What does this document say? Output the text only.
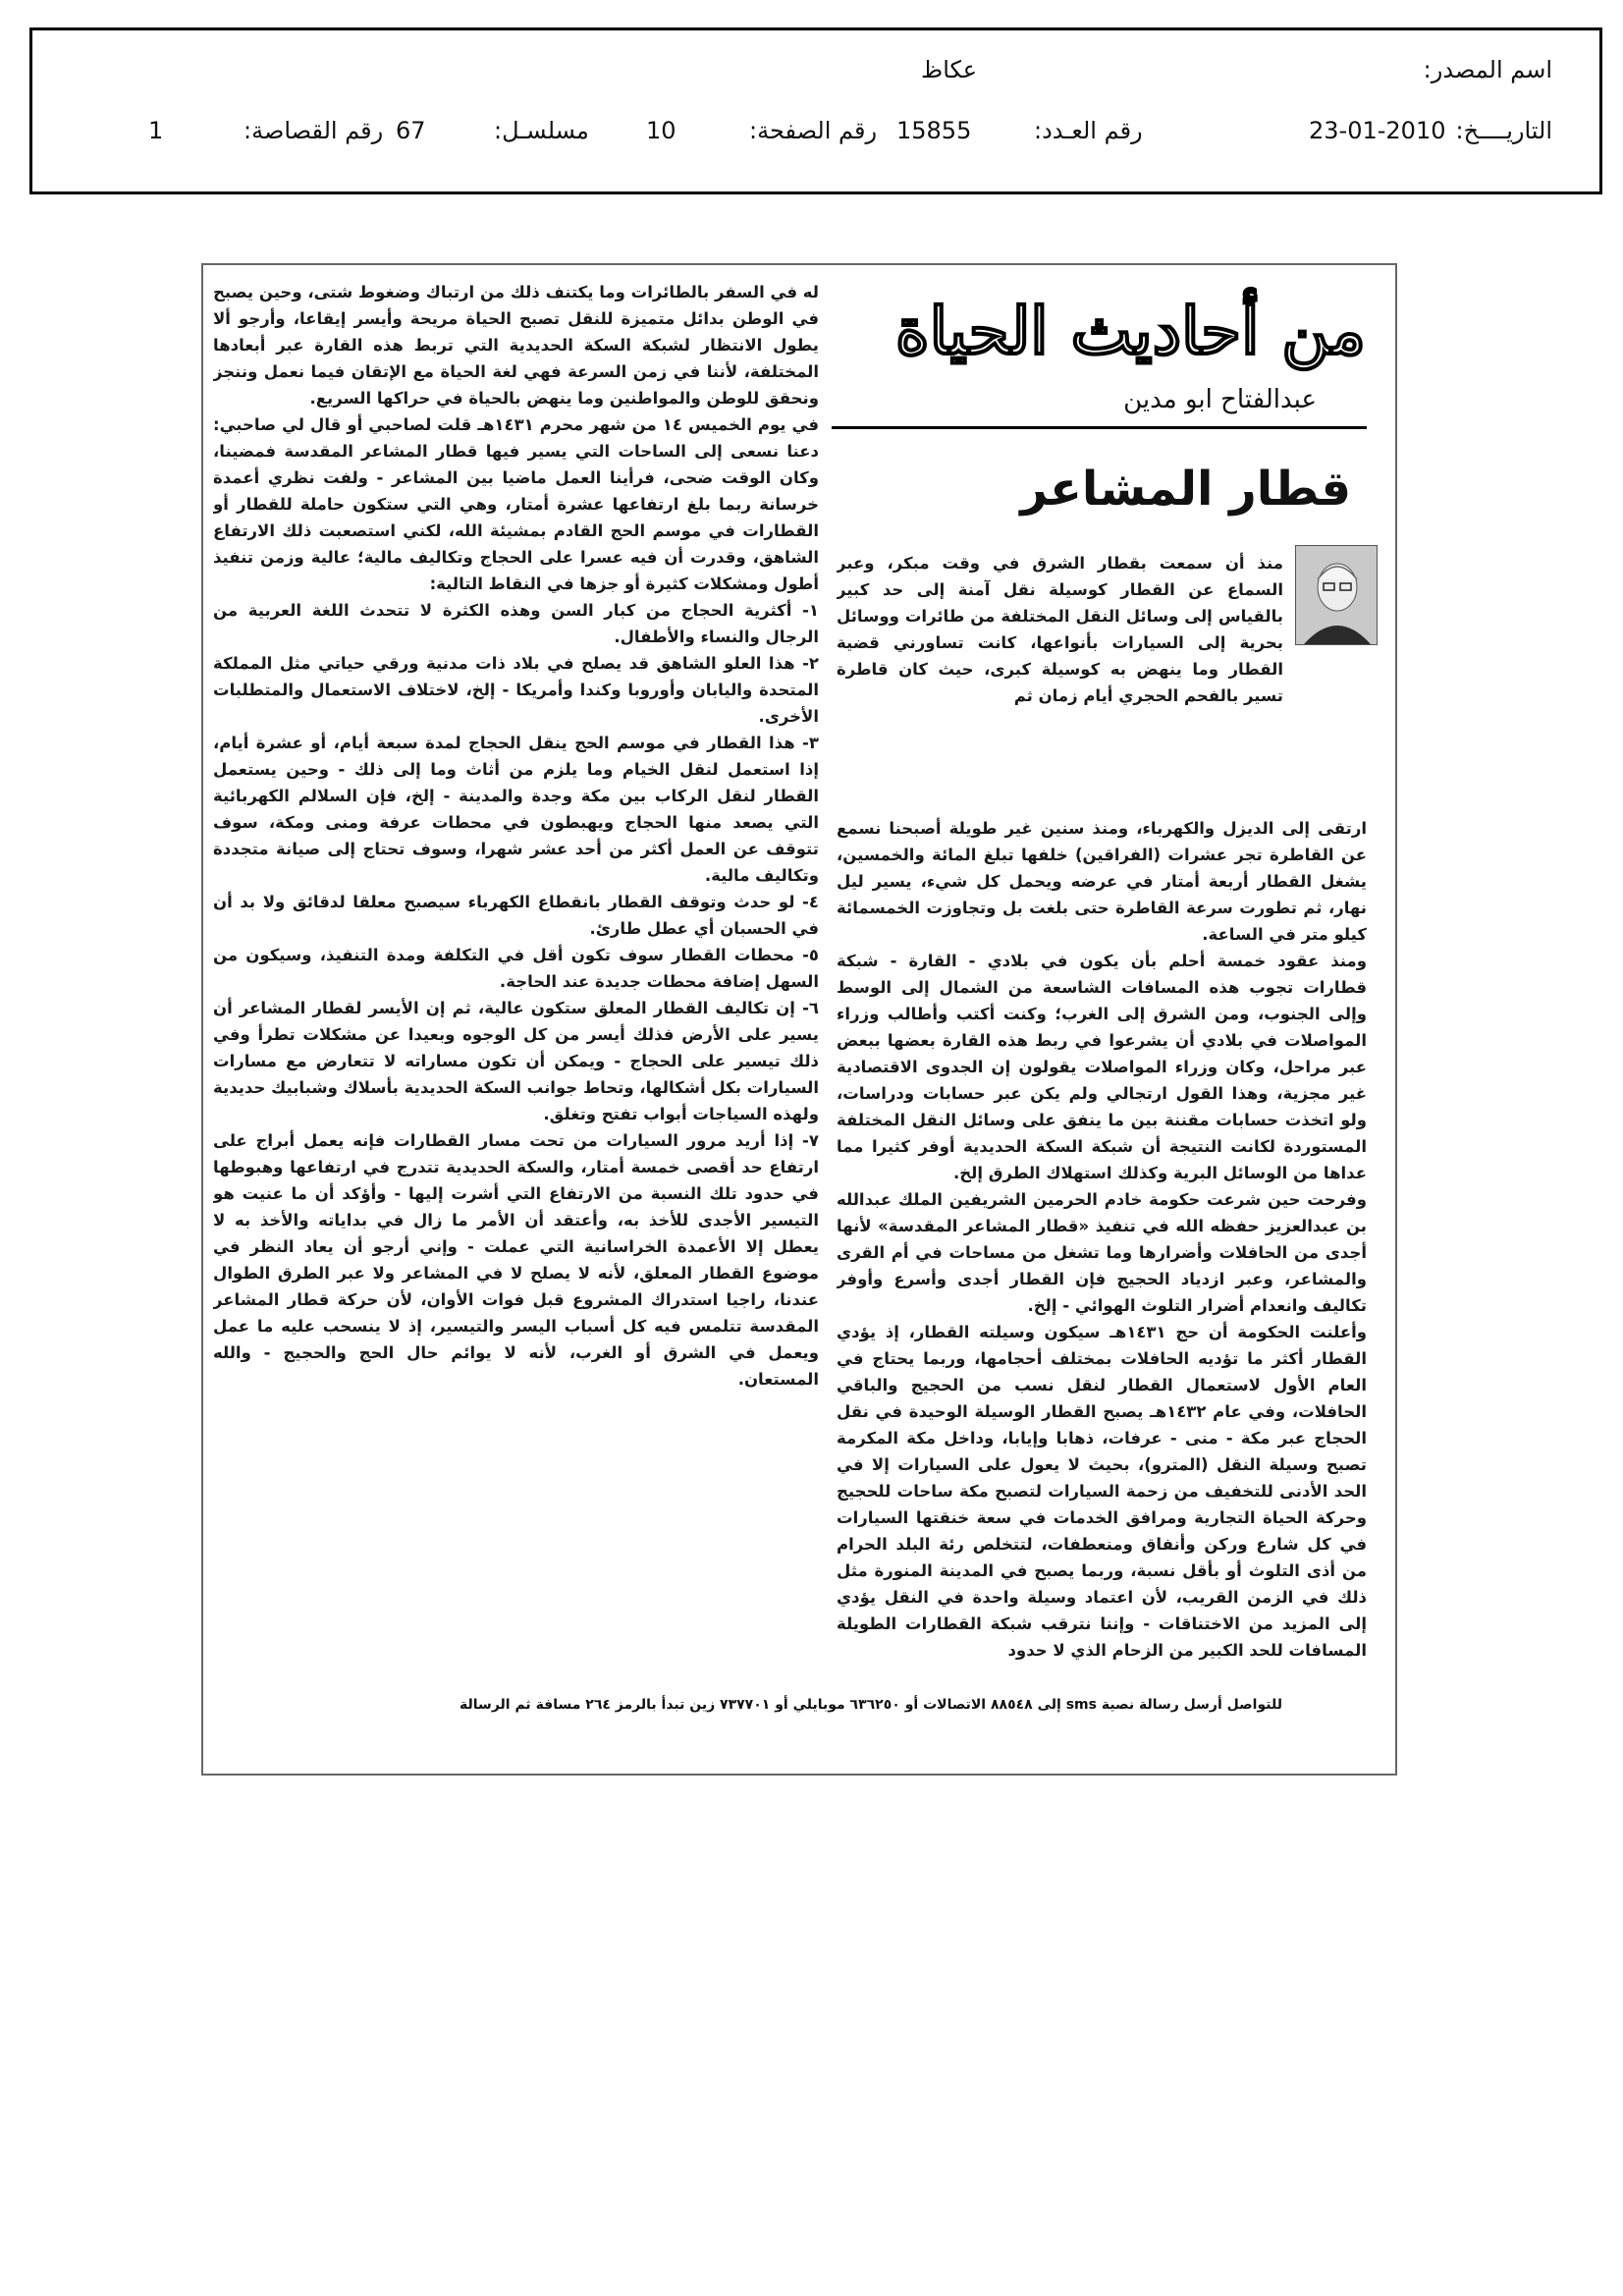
اسم المصدر:
عكاظ
التاريــــخ:
23-01-2010
رقم العـدد:
15855
رقم الصفحة:
10
مسلسـل:
67
رقم القصاصة:
1
من أحاديث الحياة
عبدالفتاح ابو مدين
قطار المشاعر

منذ أن سمعت بقطار الشرق في وقت مبكر، وعبر السماع عن القطار كوسيلة نقل آمنة إلى حد كبير بالقياس إلى وسائل النقل المختلفة من طائرات ووسائل بحرية إلى السيارات بأنواعها، كانت تساورني قضية القطار وما ينهض به كوسيلة كبرى، حيث كان قاطرة تسير بالفحم الحجري أيام زمان ثم

ارتقى إلى الديزل والكهرباء، ومنذ سنين غير طويلة أصبحنا نسمع عن القاطرة تجر عشرات (الفراقين) خلفها تبلغ المائة والخمسين، يشغل القطار أربعة أمتار في عرضه ويحمل كل شيء، يسير ليل نهار، ثم تطورت سرعة القاطرة حتى بلغت بل وتجاوزت الخمسمائة كيلو متر في الساعة.

ومنذ عقود خمسة أحلم بأن يكون في بلادي - القارة - شبكة قطارات تجوب هذه المسافات الشاسعة من الشمال إلى الوسط وإلى الجنوب، ومن الشرق إلى الغرب؛ وكنت أكتب وأطالب وزراء المواصلات في بلادي أن يشرعوا في ربط هذه القارة بعضها ببعض عبر مراحل، وكان وزراء المواصلات يقولون إن الجدوى الاقتصادية غير مجزية، وهذا القول ارتجالي ولم يكن عبر حسابات ودراسات، ولو اتخذت حسابات مقننة بين ما ينفق على وسائل النقل المختلفة المستوردة لكانت النتيجة أن شبكة السكة الحديدية أوفر كثيرا مما عداها من الوسائل البرية وكذلك استهلاك الطرق إلخ.

وفرحت حين شرعت حكومة خادم الحرمين الشريفين الملك عبدالله بن عبدالعزيز حفظه الله في تنفيذ «قطار المشاعر المقدسة» لأنها أجدى من الحافلات وأضرارها وما تشغل من مساحات في أم القرى والمشاعر، وعبر ازدياد الحجيج فإن القطار أجدى وأسرع وأوفر تكاليف وانعدام أضرار التلوث الهوائي - إلخ.

وأعلنت الحكومة أن حج ١٤٣١هـ سيكون وسيلته القطار، إذ يؤدي القطار أكثر ما تؤديه الحافلات بمختلف أحجامها، وربما يحتاج في العام الأول لاستعمال القطار لنقل نسب من الحجيج والباقي الحافلات، وفي عام ١٤٣٢هـ يصبح القطار الوسيلة الوحيدة في نقل الحجاج عبر مكة - منى - عرفات، ذهابا وإيابا، وداخل مكة المكرمة تصبح وسيلة النقل (المترو)، بحيث لا يعول على السيارات إلا في الحد الأدنى للتخفيف من زحمة السيارات لتصبح مكة ساحات للحجيج وحركة الحياة التجارية ومرافق الخدمات في سعة خنقتها السيارات في كل شارع وركن وأنفاق ومنعطفات، لتتخلص رئة البلد الحرام من أذى التلوث أو بأقل نسبة، وربما يصبح في المدينة المنورة مثل ذلك في الزمن القريب، لأن اعتماد وسيلة واحدة في النقل يؤدي إلى المزيد من الاختناقات - وإننا نترقب شبكة القطارات الطويلة المسافات للحد الكبير من الزحام الذي لا حدود

له في السفر بالطائرات وما يكتنف ذلك من ارتباك وضغوط شتى، وحين يصبح في الوطن بدائل متميزة للنقل تصبح الحياة مريحة وأيسر إيقاعا، وأرجو ألا يطول الانتظار لشبكة السكة الحديدية التي تربط هذه القارة عبر أبعادها المختلفة، لأننا في زمن السرعة فهي لغة الحياة مع الإتقان فيما نعمل وننجز ونحقق للوطن والمواطنين وما ينهض بالحياة في حراكها السريع.

في يوم الخميس ١٤ من شهر محرم ١٤٣١هـ قلت لصاحبي أو قال لي صاحبي: دعنا نسعى إلى الساحات التي يسير فيها قطار المشاعر المقدسة فمضينا، وكان الوقت ضحى، فرأينا العمل ماضيا بين المشاعر - ولفت نظري أعمدة خرسانة ربما بلغ ارتفاعها عشرة أمتار، وهي التي ستكون حاملة للقطار أو القطارات في موسم الحج القادم بمشيئة الله، لكني استصعبت ذلك الارتفاع الشاهق، وقدرت أن فيه عسرا على الحجاج وتكاليف مالية؛ عالية وزمن تنفيذ أطول ومشكلات كثيرة أو جزها في النقاط التالية:

١- أكثرية الحجاج من كبار السن وهذه الكثرة لا تتحدث اللغة العربية من الرجال والنساء والأطفال.

٢- هذا العلو الشاهق قد يصلح في بلاد ذات مدنية ورقي حياتي مثل المملكة المتحدة واليابان وأوروبا وكندا وأمريكا - إلخ، لاختلاف الاستعمال والمتطلبات الأخرى.

٣- هذا القطار في موسم الحج ينقل الحجاج لمدة سبعة أيام، أو عشرة أيام، إذا استعمل لنقل الخيام وما يلزم من أثاث وما إلى ذلك - وحين يستعمل القطار لنقل الركاب بين مكة وجدة والمدينة - إلخ، فإن السلالم الكهربائية التي يصعد منها الحجاج ويهبطون في محطات عرفة ومنى ومكة، سوف تتوقف عن العمل أكثر من أحد عشر شهرا، وسوف تحتاج إلى صيانة متجددة وتكاليف مالية.

٤- لو حدث وتوقف القطار بانقطاع الكهرباء سيصبح معلقا لدقائق ولا بد أن في الحسبان أي عطل طارئ.

٥- محطات القطار سوف تكون أقل في التكلفة ومدة التنفيذ، وسيكون من السهل إضافة محطات جديدة عند الحاجة.

٦- إن تكاليف القطار المعلق ستكون عالية، ثم إن الأيسر لقطار المشاعر أن يسير على الأرض فذلك أيسر من كل الوجوه وبعيدا عن مشكلات تطرأ وفي ذلك تيسير على الحجاج - ويمكن أن تكون مساراته لا تتعارض مع مسارات السيارات بكل أشكالها، وتحاط جوانب السكة الحديدية بأسلاك وشبابيك حديدية ولهذه السياجات أبواب تفتح وتغلق.

٧- إذا أريد مرور السيارات من تحت مسار القطارات فإنه يعمل أبراج على ارتفاع حد أقصى خمسة أمتار، والسكة الحديدية تتدرج في ارتفاعها وهبوطها في حدود تلك النسبة من الارتفاع التي أشرت إليها - وأؤكد أن ما عنيت هو التيسير الأجدى للأخذ به، وأعتقد أن الأمر ما زال في بداياته والأخذ به لا يعطل إلا الأعمدة الخراسانية التي عملت - وإني أرجو أن يعاد النظر في موضوع القطار المعلق، لأنه لا يصلح لا في المشاعر ولا عبر الطرق الطوال عندنا، راجيا استدراك المشروع قبل فوات الأوان، لأن حركة قطار المشاعر المقدسة تتلمس فيه كل أسباب اليسر والتيسير، إذ لا ينسحب عليه ما عمل ويعمل في الشرق أو الغرب، لأنه لا يوائم حال الحج والحجيج - والله المستعان.

للتواصل أرسل رسالة نصية sms إلى ٨٨٥٤٨ الاتصالات أو ٦٣٦٢٥٠ موبايلي أو ٧٣٧٧٠١ زين تبدأ بالرمز ٢٦٤ مسافة ثم الرسالة
